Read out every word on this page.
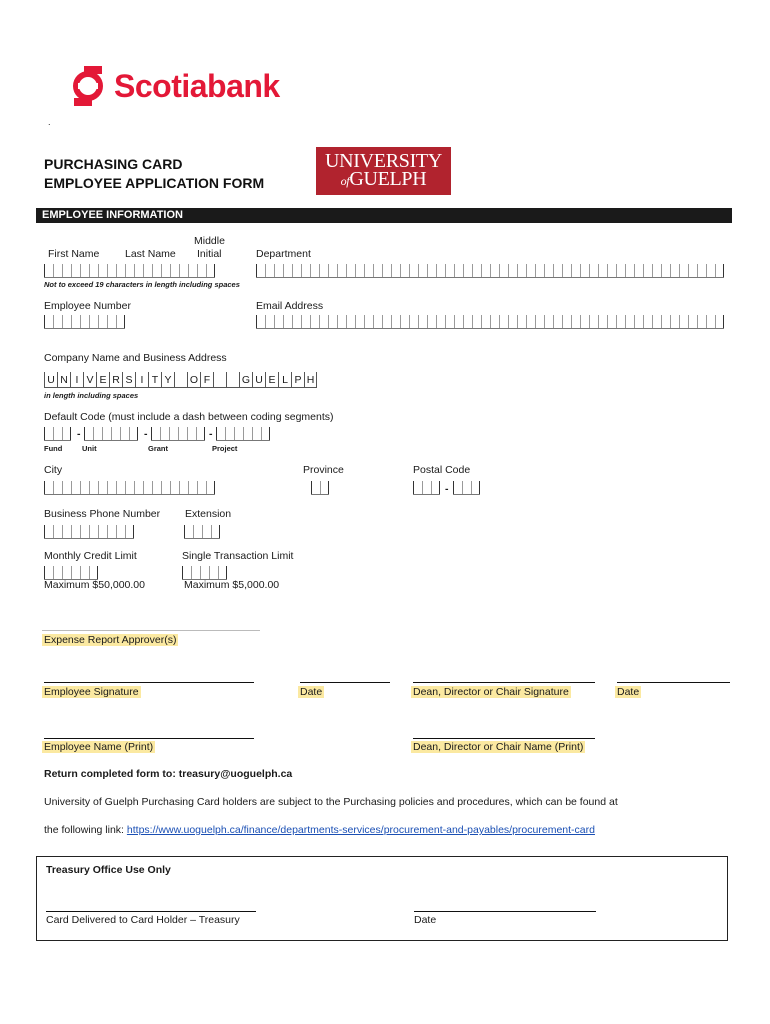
Scotiabank
.
PURCHASING CARD
EMPLOYEE APPLICATION FORM
UNIVERSITY
ofGUELPH
EMPLOYEE INFORMATION
Middle
First Name Last Name Initial	Department
Not to exceed 19 characters in length including spaces
Employee Number	Email Address
Company Name and Business Address
U N I V E R S I T Y O F	G U E L P H
in length including spaces
Default Code (must include a dash between coding segments)
-	-	-
Fund	Unit	Grant	Project
City	Province	Postal Code
-
Business Phone Number Extension
Monthly Credit Limit	Single Transaction Limit
Maximum $50,000.00	Maximum $5,000.00
Expense Report Approver(s)
Employee Signature	Date	Dean, Director or Chair Signature	Date
Employee Name (Print)	Dean, Director or Chair Name (Print)
Return completed form to: treasury@uoguelph.ca
University of Guelph Purchasing Card holders are subject to the Purchasing policies and procedures, which can be found at
the following link: https://www.uoguelph.ca/finance/departments-services/procurement-and-payables/procurement-card
Treasury Office Use Only
Card Delivered to Card Holder – Treasury	Date
